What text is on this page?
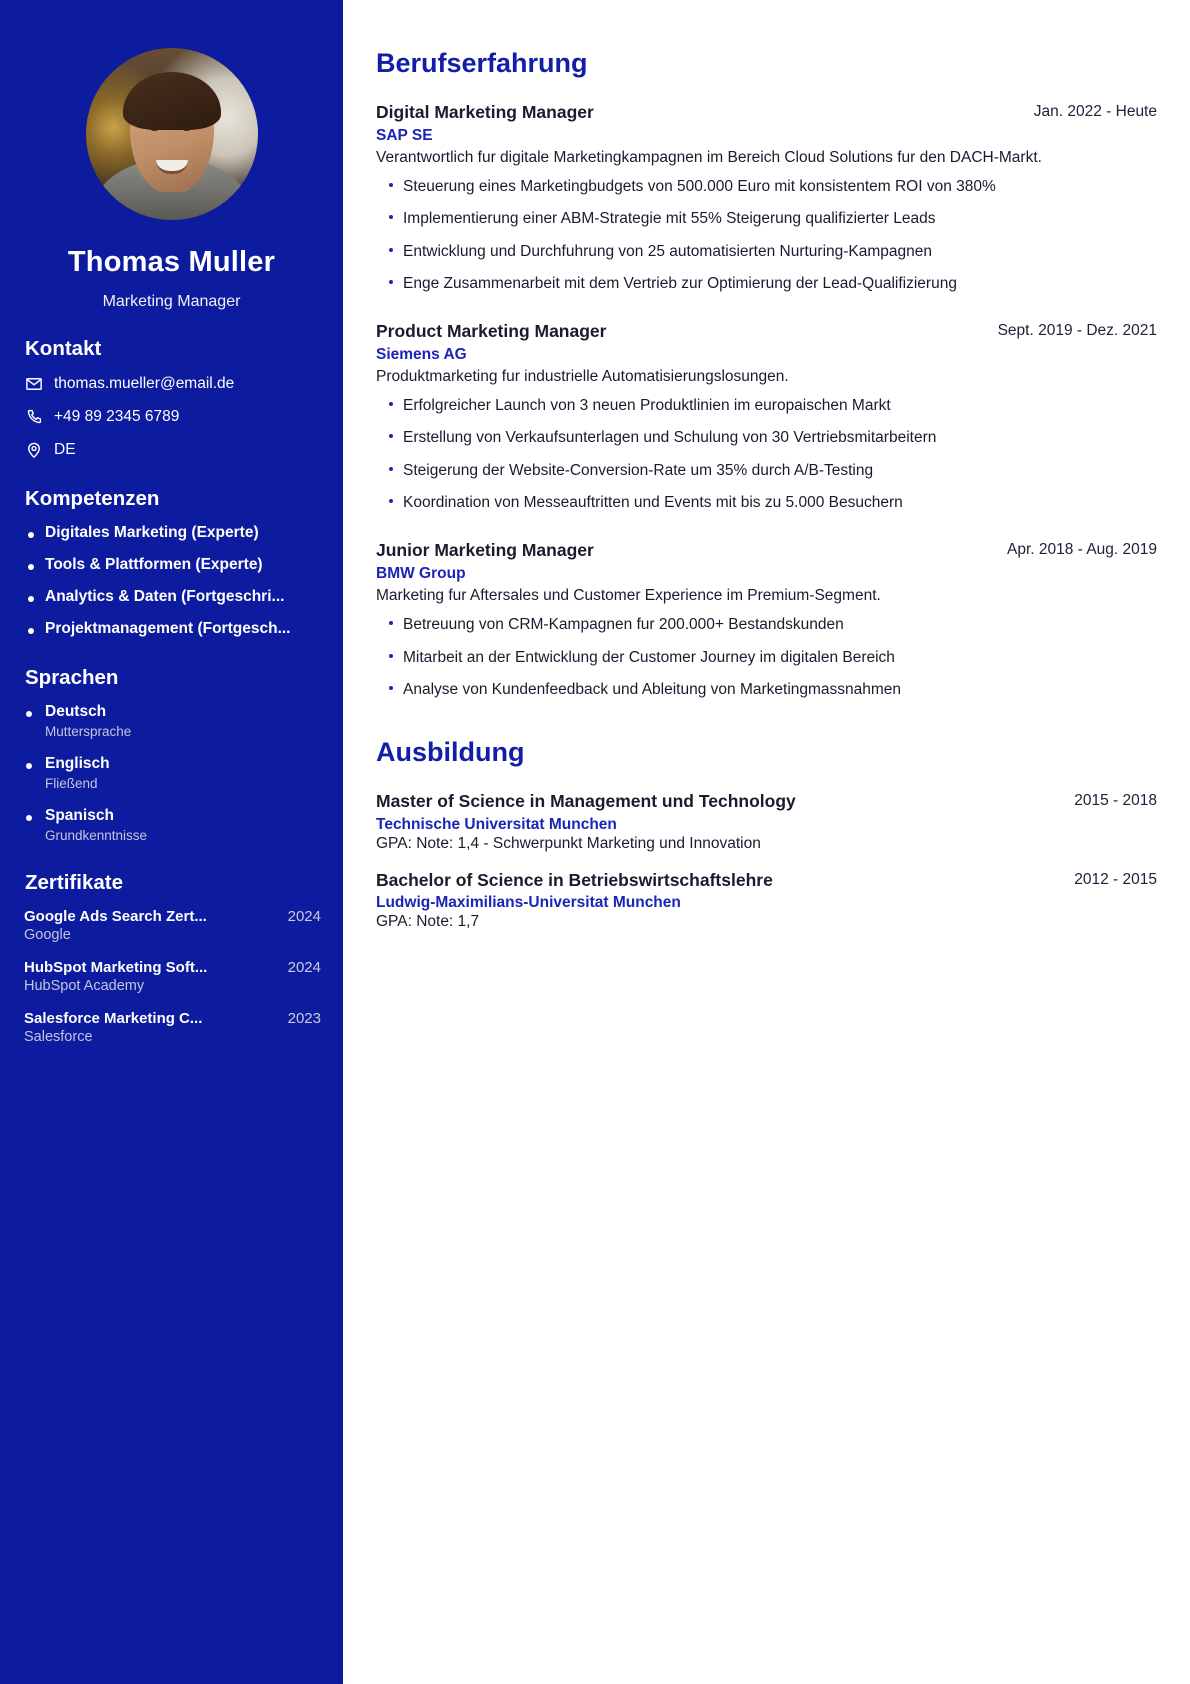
Thomas Muller
Marketing Manager
Kontakt
thomas.mueller@email.de
+49 89 2345 6789
DE
Kompetenzen
Digitales Marketing (Experte)
Tools & Plattformen (Experte)
Analytics & Daten (Fortgeschri...
Projektmanagement (Fortgesch...
Sprachen
Deutsch
Muttersprache
Englisch
Fließend
Spanisch
Grundkenntnisse
Zertifikate
Google Ads Search Zert...	2024
Google
HubSpot Marketing Soft...	2024
HubSpot Academy
Salesforce Marketing C...	2023
Salesforce
Berufserfahrung
Digital Marketing Manager	Jan. 2022 - Heute
SAP SE
Verantwortlich fur digitale Marketingkampagnen im Bereich Cloud Solutions fur den DACH-Markt.
Steuerung eines Marketingbudgets von 500.000 Euro mit konsistentem ROI von 380%
Implementierung einer ABM-Strategie mit 55% Steigerung qualifizierter Leads
Entwicklung und Durchfuhrung von 25 automatisierten Nurturing-Kampagnen
Enge Zusammenarbeit mit dem Vertrieb zur Optimierung der Lead-Qualifizierung
Product Marketing Manager	Sept. 2019 - Dez. 2021
Siemens AG
Produktmarketing fur industrielle Automatisierungslosungen.
Erfolgreicher Launch von 3 neuen Produktlinien im europaischen Markt
Erstellung von Verkaufsunterlagen und Schulung von 30 Vertriebsmitarbeitern
Steigerung der Website-Conversion-Rate um 35% durch A/B-Testing
Koordination von Messeauftritten und Events mit bis zu 5.000 Besuchern
Junior Marketing Manager	Apr. 2018 - Aug. 2019
BMW Group
Marketing fur Aftersales und Customer Experience im Premium-Segment.
Betreuung von CRM-Kampagnen fur 200.000+ Bestandskunden
Mitarbeit an der Entwicklung der Customer Journey im digitalen Bereich
Analyse von Kundenfeedback und Ableitung von Marketingmassnahmen
Ausbildung
Master of Science in Management und Technology	2015 - 2018
Technische Universitat Munchen
GPA: Note: 1,4 - Schwerpunkt Marketing und Innovation
Bachelor of Science in Betriebswirtschaftslehre	2012 - 2015
Ludwig-Maximilians-Universitat Munchen
GPA: Note: 1,7
